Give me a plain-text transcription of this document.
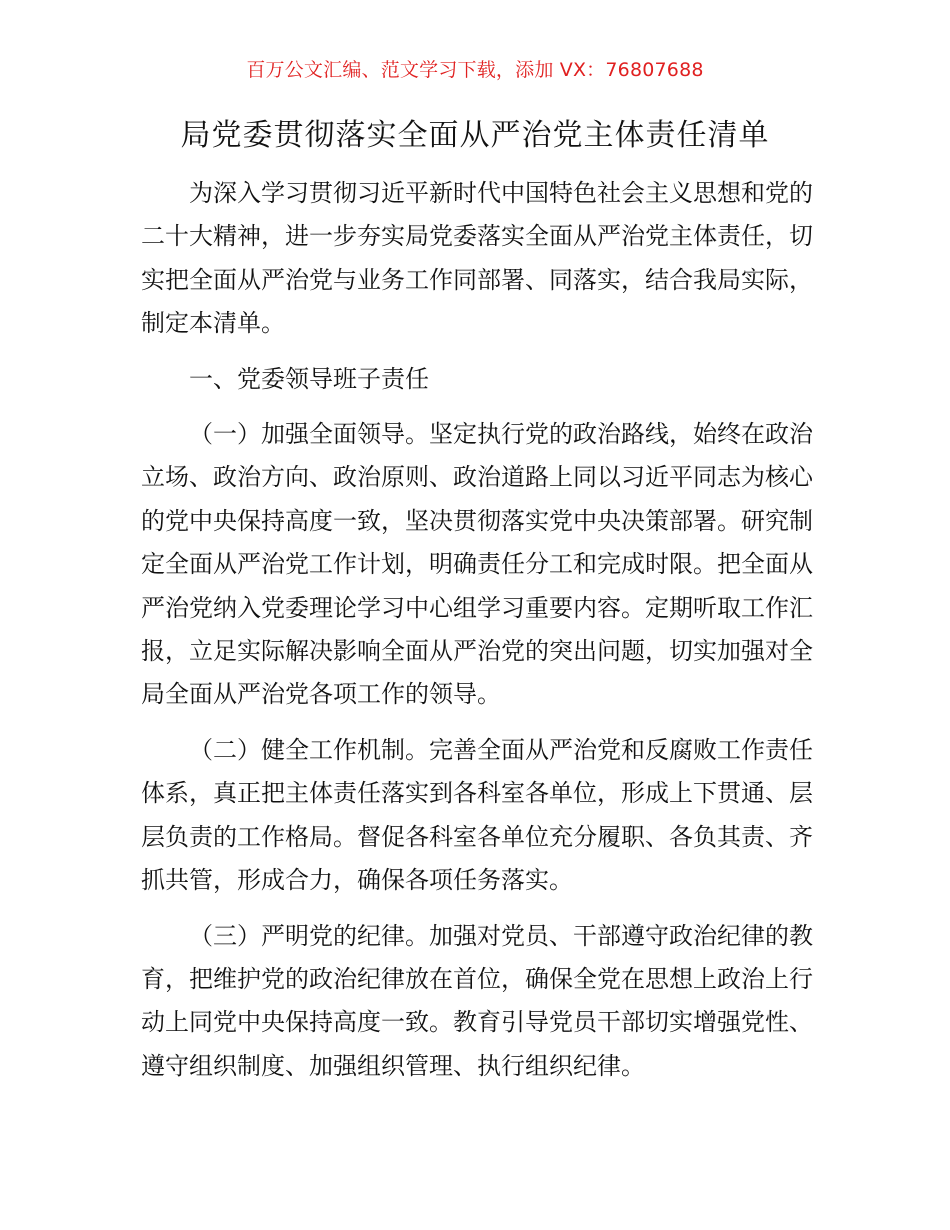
百万公文汇编、范文学习下载，添加 VX：76807688
局党委贯彻落实全面从严治党主体责任清单

为深入学习贯彻习近平新时代中国特色社会主义思想和党的二十大精神，进一步夯实局党委落实全面从严治党主体责任，切实把全面从严治党与业务工作同部署、同落实，结合我局实际，制定本清单。

一、党委领导班子责任

（一）加强全面领导。坚定执行党的政治路线，始终在政治立场、政治方向、政治原则、政治道路上同以习近平同志为核心的党中央保持高度一致，坚决贯彻落实党中央决策部署。研究制定全面从严治党工作计划，明确责任分工和完成时限。把全面从严治党纳入党委理论学习中心组学习重要内容。定期听取工作汇报，立足实际解决影响全面从严治党的突出问题，切实加强对全局全面从严治党各项工作的领导。

（二）健全工作机制。完善全面从严治党和反腐败工作责任体系，真正把主体责任落实到各科室各单位，形成上下贯通、层层负责的工作格局。督促各科室各单位充分履职、各负其责、齐抓共管，形成合力，确保各项任务落实。

（三）严明党的纪律。加强对党员、干部遵守政治纪律的教育，把维护党的政治纪律放在首位，确保全党在思想上政治上行动上同党中央保持高度一致。教育引导党员干部切实增强党性、遵守组织制度、加强组织管理、执行组织纪律。
